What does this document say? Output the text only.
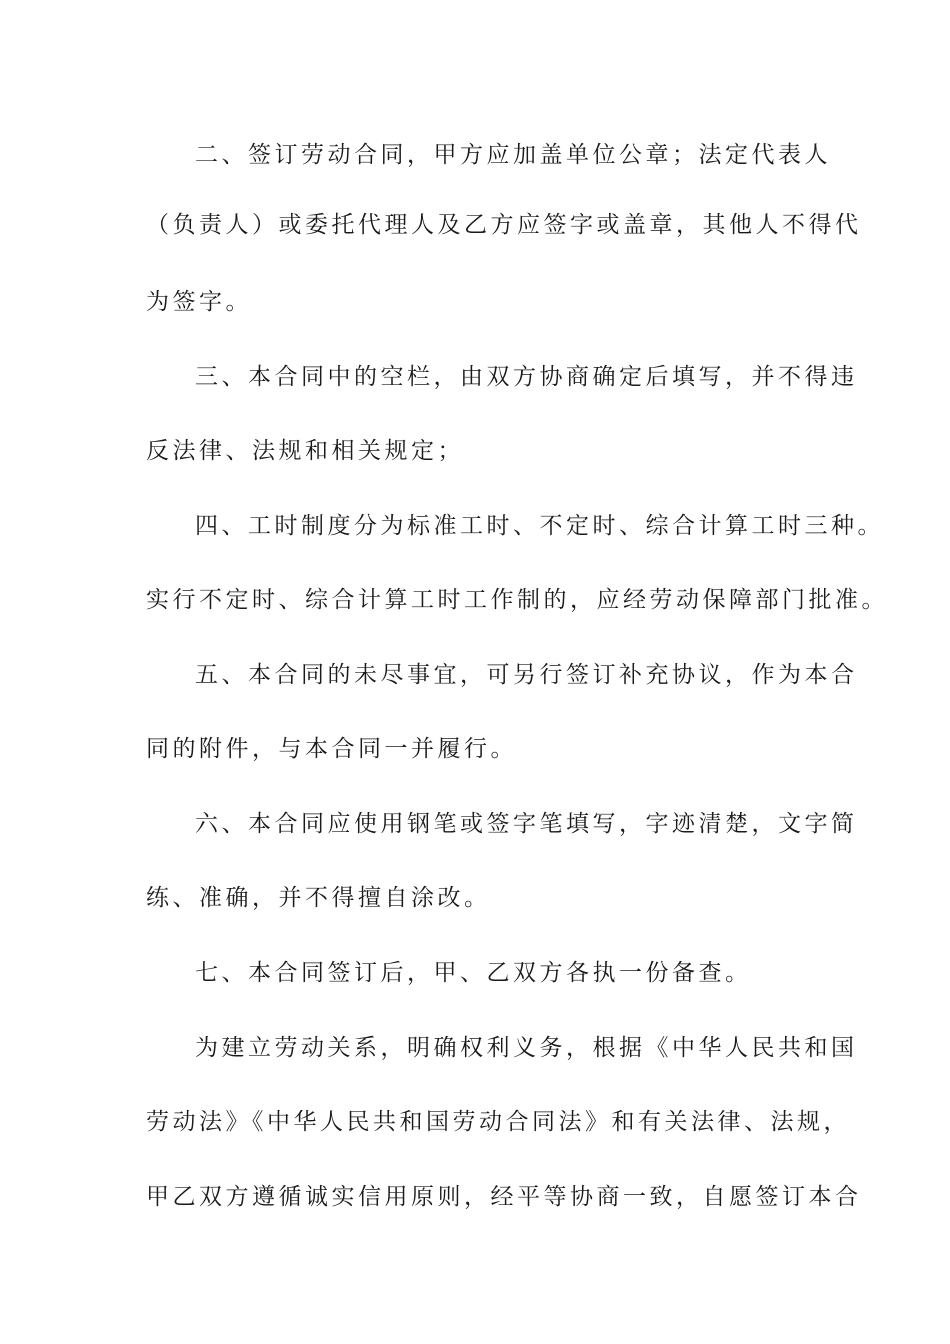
二、签订劳动合同，甲方应加盖单位公章；法定代表人
（负责人）或委托代理人及乙方应签字或盖章，其他人不得代
为签字。
三、本合同中的空栏，由双方协商确定后填写，并不得违
反法律、法规和相关规定；
四、工时制度分为标准工时、不定时、综合计算工时三种。
实行不定时、综合计算工时工作制的，应经劳动保障部门批准。
五、本合同的未尽事宜，可另行签订补充协议，作为本合
同的附件，与本合同一并履行。
六、本合同应使用钢笔或签字笔填写，字迹清楚，文字简
练、准确，并不得擅自涂改。
七、本合同签订后，甲、乙双方各执一份备查。
为建立劳动关系，明确权利义务，根据《中华人民共和国
劳动法》《中华人民共和国劳动合同法》和有关法律、法规，
甲乙双方遵循诚实信用原则，经平等协商一致，自愿签订本合
